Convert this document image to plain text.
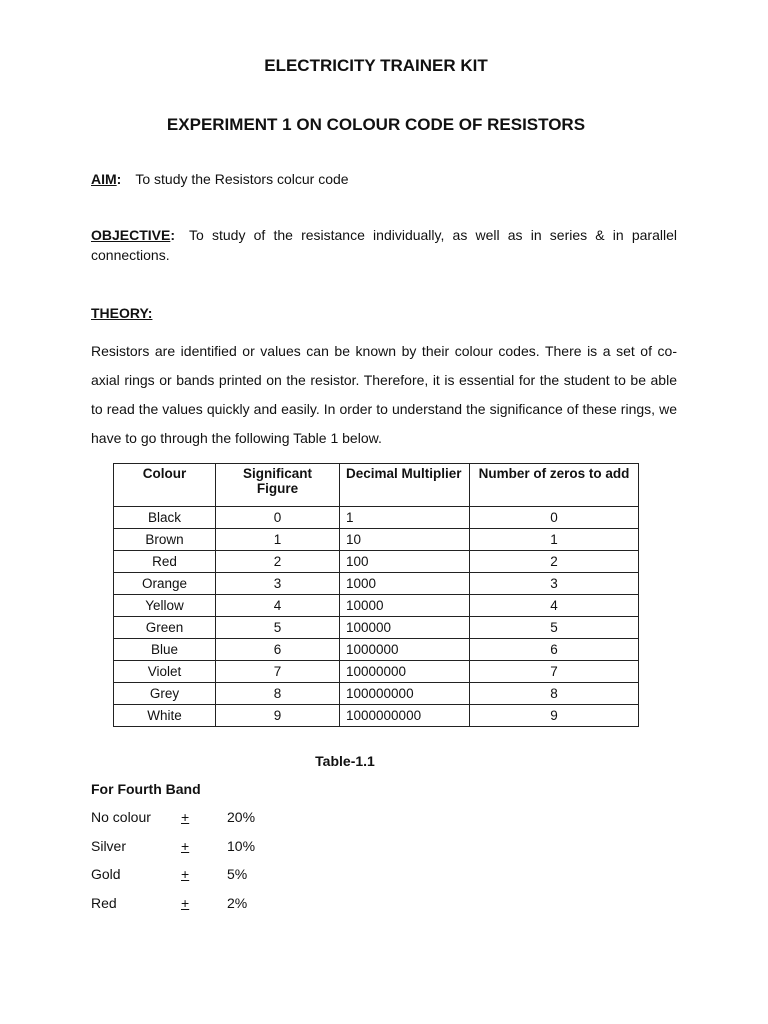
ELECTRICITY TRAINER KIT
EXPERIMENT 1 ON COLOUR CODE OF RESISTORS
AIM: To study the Resistors colcur code
OBJECTIVE: To study of the resistance individually, as well as in series & in parallel connections.
THEORY:
Resistors are identified or values can be known by their colour codes. There is a set of co-axial rings or bands printed on the resistor. Therefore, it is essential for the student to be able to read the values quickly and easily. In order to understand the significance of these rings, we have to go through the following Table 1 below.
Colour	Significant Figure	Decimal Multiplier	Number of zeros to add
Black	0	1	0
Brown	1	10	1
Red	2	100	2
Orange	3	1000	3
Yellow	4	10000	4
Green	5	100000	5
Blue	6	1000000	6
Violet	7	10000000	7
Grey	8	100000000	8
White	9	1000000000	9
Table-1.1
For Fourth Band
No colour +	20%
Silver	+	10%
Gold	+	5%
Red	+	2%
